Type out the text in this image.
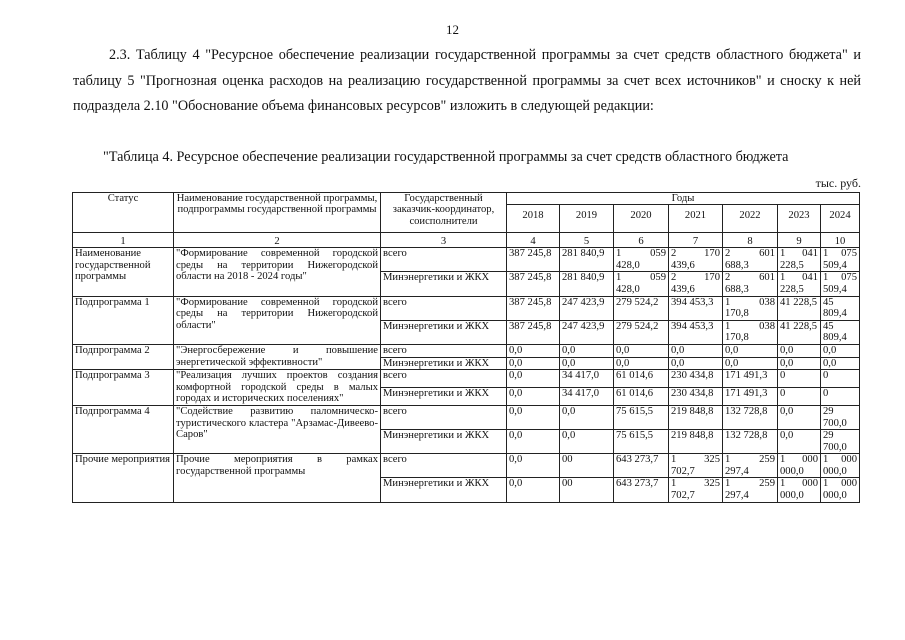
12
2.3. Таблицу 4 "Ресурсное обеспечение реализации государственной программы за счет средств областного бюджета" и таблицу 5 "Прогнозная оценка расходов на реализацию государственной программы за счет всех источников" и сноску к ней подраздела 2.10 "Обоснование объема финансовых ресурсов" изложить в следующей редакции:
"Таблица 4. Ресурсное обеспечение реализации государственной программы за счет средств областного бюджета
тыс. руб.
Статус	Наименование государственной программы, подпрограммы государственной программы	Государственный заказчик-координатор, соисполнители	Годы						
			2018	2019	2020	2021	2022	2023	2024
1	2	3	4	5	6	7	8	9	10
Наименование государственной программы	"Формирование современной городской среды на территории Нижегородской области на 2018 - 2024 годы"	всего	387 245,8	281 840,9	1 059 428,0	2 170 439,6	2 601 688,3	1 041 228,5	1 075 509,4
		Минэнергетики и ЖКХ	387 245,8	281 840,9	1 059 428,0	2 170 439,6	2 601 688,3	1 041 228,5	1 075 509,4
Подпрограмма 1	"Формирование современной городской среды на территории Нижегородской области"	всего	387 245,8	247 423,9	279 524,2	394 453,3	1 038 170,8	41 228,5	45 809,4
		Минэнергетики и ЖКХ	387 245,8	247 423,9	279 524,2	394 453,3	1 038 170,8	41 228,5	45 809,4
Подпрограмма 2	"Энергосбережение и повышение энергетической эффективности"	всего	0,0	0,0	0,0	0,0	0,0	0,0	0,0
		Минэнергетики и ЖКХ	0,0	0,0	0,0	0,0	0,0	0,0	0,0
Подпрограмма 3	"Реализация лучших проектов создания комфортной городской среды в малых городах и исторических поселениях"	всего	0,0	34 417,0	61 014,6	230 434,8	171 491,3	0	0
		Минэнергетики и ЖКХ	0,0	34 417,0	61 014,6	230 434,8	171 491,3	0	0
Подпрограмма 4	"Содействие развитию паломническо-туристического кластера "Арзамас-Дивеево-Саров"	всего	0,0	0,0	75 615,5	219 848,8	132 728,8	0,0	29 700,0
		Минэнергетики и ЖКХ	0,0	0,0	75 615,5	219 848,8	132 728,8	0,0	29 700,0
Прочие мероприятия	Прочие мероприятия в рамках государственной программы	всего	0,0	00	643 273,7	1 325 702,7	1 259 297,4	1 000 000,0	1 000 000,0
		Минэнергетики и ЖКХ	0,0	00	643 273,7	1 325 702,7	1 259 297,4	1 000 000,0	1 000 000,0
